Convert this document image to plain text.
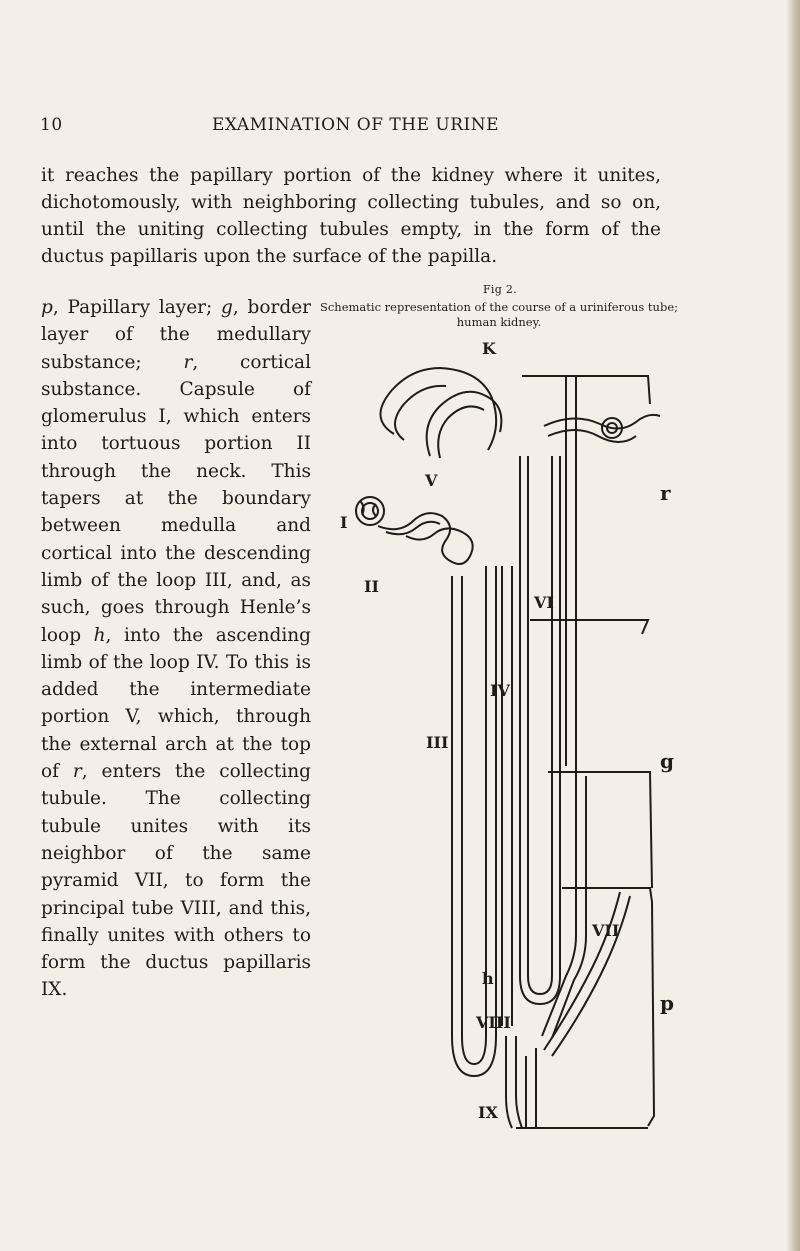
10	EXAMINATION OF THE URINE

it reaches the papillary portion of the kidney where it unites, dichotomously, with neighboring collecting tubules, and so on, until the uniting collecting tubules empty, in the form of the ductus papillaris upon the surface of the papilla.

p, Papillary layer; g, border layer of the medullary substance; r, cortical substance. Capsule of glomerulus I, which enters into tortuous portion II through the neck. This tapers at the boundary between medulla and cortical into the descending limb of the loop III, and, as such, goes through Henle’s loop h, into the ascending limb of the loop IV. To this is added the intermediate portion V, which, through the external arch at the top of r, enters the collecting tubule. The collecting tubule unites with its neighbor of the same pyramid VII, to form the principal tube VIII, and this, finally unites with others to form the ductus papillaris IX.
Fig 2.
Schematic representation of the course of a uriniferous tube; human kidney.
K
V
I
II
III
IV
VI
VII
h
VIII
IX
r
g
p
